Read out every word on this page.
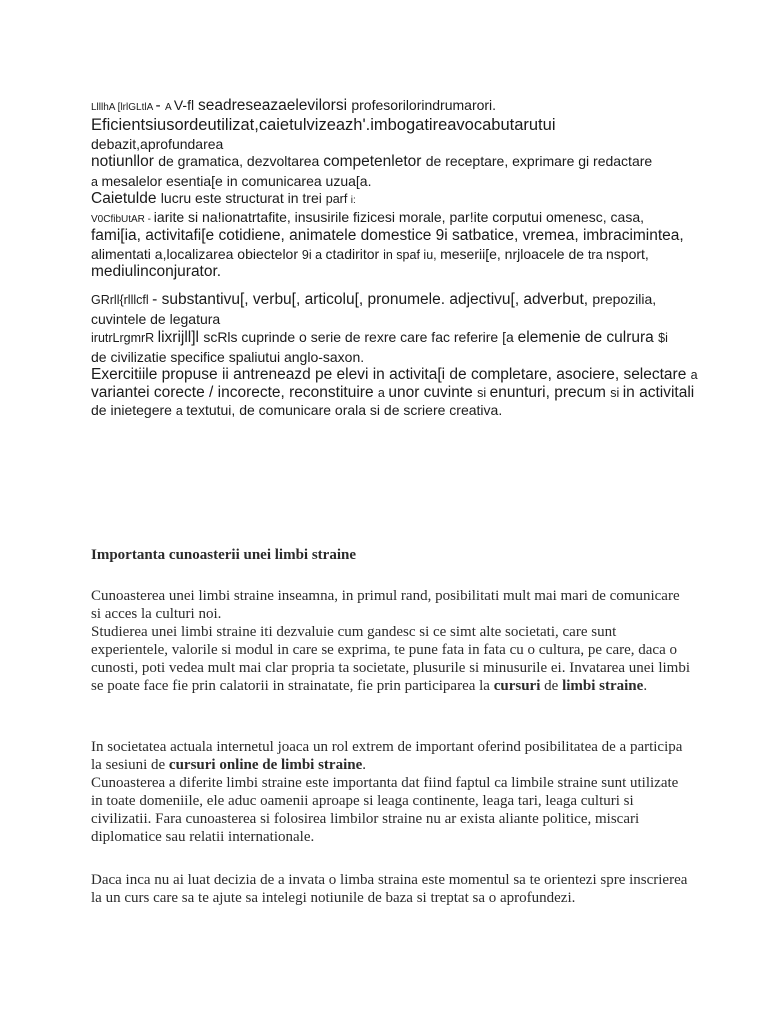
LlllhA [lrlGLtlA - A V-fl seadreseazaelevilorsi profesorilorindrumarori.
Eficientsiusordeutilizat,caietulvizeazh'.imbogatireavocabutarutui
debazit,aprofundarea
notiunllor de gramatica, dezvoltarea competenletor de receptare, exprimare gi redactare
a mesalelor esentia[e in comunicarea uzua[a.
Caietulde lucru este structurat in trei parf i:
V0CfibUtAR - iarite si na!ionatrtafite, insusirile fizicesi morale, par!ite corputui omenesc, casa,
fami[ia, activitafi[e cotidiene, animatele domestice 9i satbatice, vremea, imbracimintea,
alimentati a,localizarea obiectelor 9i a ctadiritor in spaf iu, meserii[e, nrjloacele de tra nsport,
mediulinconjurator.
GRrll{rlllcfl - substantivu[, verbu[, articolu[, pronumele. adjectivu[, adverbut, prepozilia,
cuvintele de legatura
irutrLrgmrR lixrijll]l scRls cuprinde o serie de rexre care fac referire [a elemenie de culrura $i
de civilizatie specifice spaliutui anglo-saxon.
Exercitiile propuse ii antreneazd pe elevi in activita[i de completare, asociere, selectare a
variantei corecte / incorecte, reconstituire a unor cuvinte si enunturi, precum si in activitali
de inietegere a textutui, de comunicare orala si de scriere creativa.
Importanta cunoasterii unei limbi straine
Cunoasterea unei limbi straine inseamna, in primul rand, posibilitati mult mai mari de comunicare si acces la culturi noi.
Studierea unei limbi straine iti dezvaluie cum gandesc si ce simt alte societati, care sunt experientele, valorile si modul in care se exprima, te pune fata in fata cu o cultura, pe care, daca o cunosti, poti vedea mult mai clar propria ta societate, plusurile si minusurile ei. Invatarea unei limbi se poate face fie prin calatorii in strainatate, fie prin participarea la cursuri de limbi straine.
In societatea actuala internetul joaca un rol extrem de important oferind posibilitatea de a participa la sesiuni de cursuri online de limbi straine.
Cunoasterea a diferite limbi straine este importanta dat fiind faptul ca limbile straine sunt utilizate in toate domeniile, ele aduc oamenii aproape si leaga continente, leaga tari, leaga culturi si civilizatii. Fara cunoasterea si folosirea limbilor straine nu ar exista aliante politice, miscari diplomatice sau relatii internationale.
Daca inca nu ai luat decizia de a invata o limba straina este momentul sa te orientezi spre inscrierea la un curs care sa te ajute sa intelegi notiunile de baza si treptat sa o aprofundezi.
